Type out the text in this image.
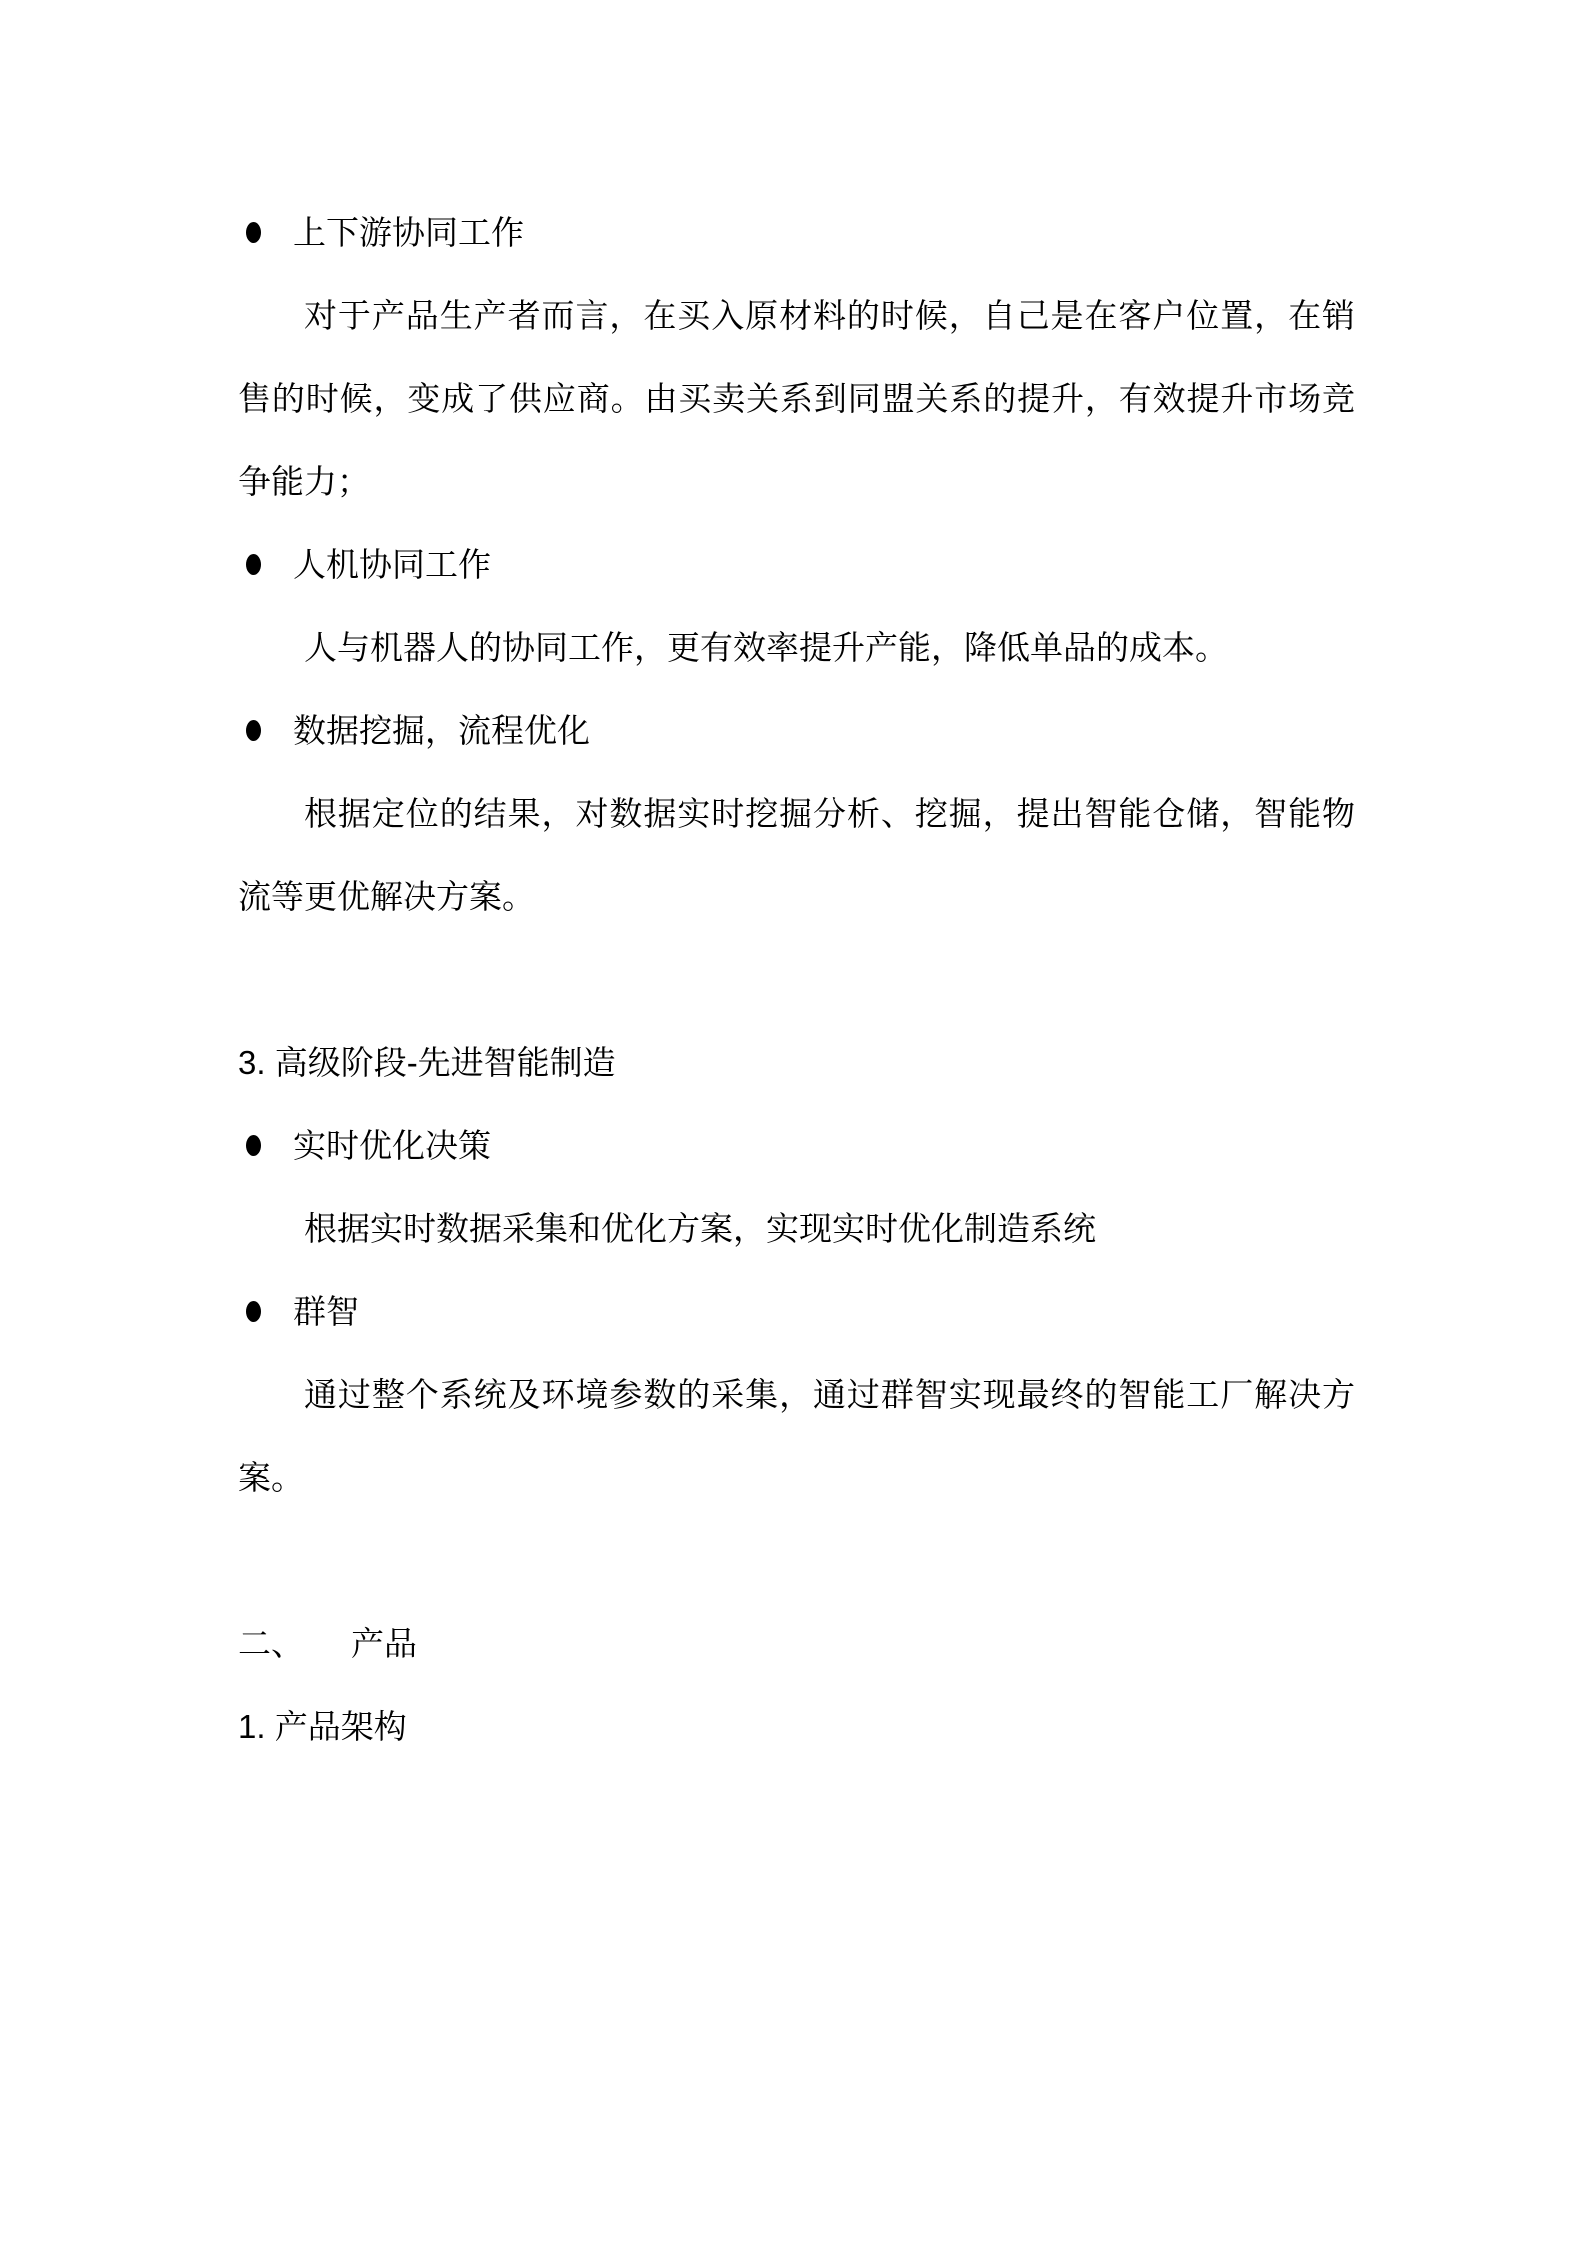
上下游协同工作

对于产品生产者而言，在买入原材料的时候，自己是在客户位置，在销售的时候，变成了供应商。由买卖关系到同盟关系的提升，有效提升市场竞争能力；

人机协同工作

人与机器人的协同工作，更有效率提升产能，降低单品的成本。

数据挖掘，流程优化

根据定位的结果，对数据实时挖掘分析、挖掘，提出智能仓储，智能物流等更优解决方案。

3. 高级阶段-先进智能制造
实时优化决策

根据实时数据采集和优化方案，实现实时优化制造系统

群智

通过整个系统及环境参数的采集，通过群智实现最终的智能工厂解决方案。

二、 产品
1. 产品架构
